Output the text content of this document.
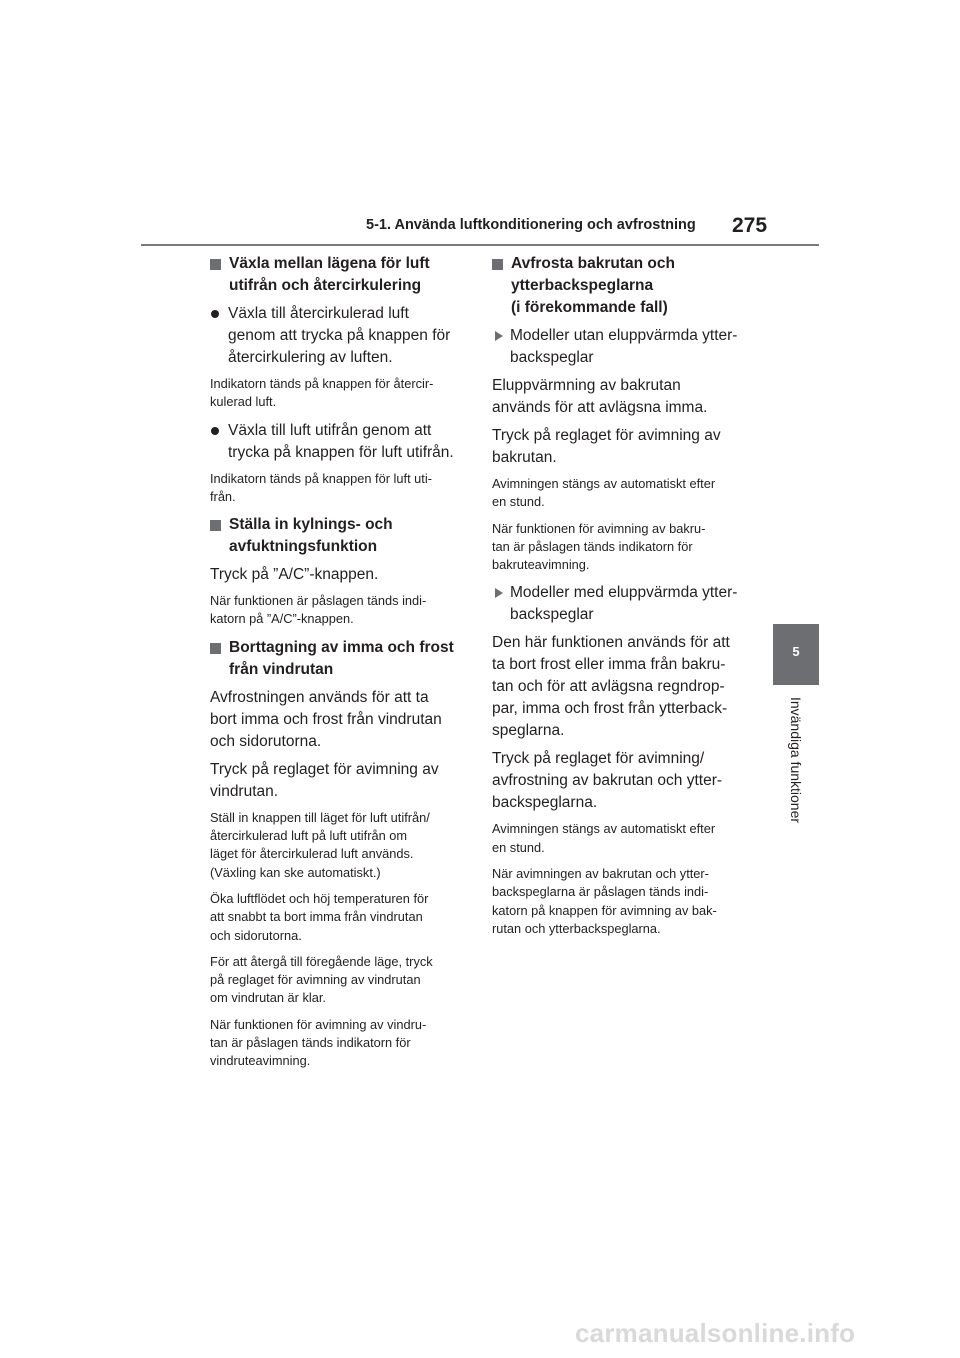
5-1. Använda luftkonditionering och avfrostning 275
5
Invändiga funktioner
Växla mellan lägena för luft
utifrån och återcirkulering
Växla till återcirkulerad luft
genom att trycka på knappen för
återcirkulering av luften.
Indikatorn tänds på knappen för återcir-
kulerad luft.
Växla till luft utifrån genom att
trycka på knappen för luft utifrån.
Indikatorn tänds på knappen för luft uti-
från.
Ställa in kylnings- och
avfuktningsfunktion
Tryck på ”A/C”-knappen.
När funktionen är påslagen tänds indi-
katorn på ”A/C”-knappen.
Borttagning av imma och frost
från vindrutan
Avfrostningen används för att ta
bort imma och frost från vindrutan
och sidorutorna.
Tryck på reglaget för avimning av
vindrutan.
Ställ in knappen till läget för luft utifrån/
återcirkulerad luft på luft utifrån om
läget för återcirkulerad luft används.
(Växling kan ske automatiskt.)
Öka luftflödet och höj temperaturen för
att snabbt ta bort imma från vindrutan
och sidorutorna.
För att återgå till föregående läge, tryck
på reglaget för avimning av vindrutan
om vindrutan är klar.
När funktionen för avimning av vindru-
tan är påslagen tänds indikatorn för
vindruteavimning.
Avfrosta bakrutan och
ytterbackspeglarna
(i förekommande fall)
Modeller utan eluppvärmda ytter-
backspeglar
Eluppvärmning av bakrutan
används för att avlägsna imma.
Tryck på reglaget för avimning av
bakrutan.
Avimningen stängs av automatiskt efter
en stund.
När funktionen för avimning av bakru-
tan är påslagen tänds indikatorn för
bakruteavimning.
Modeller med eluppvärmda ytter-
backspeglar
Den här funktionen används för att
ta bort frost eller imma från bakru-
tan och för att avlägsna regndrop-
par, imma och frost från ytterback-
speglarna.
Tryck på reglaget för avimning/
avfrostning av bakrutan och ytter-
backspeglarna.
Avimningen stängs av automatiskt efter
en stund.
När avimningen av bakrutan och ytter-
backspeglarna är påslagen tänds indi-
katorn på knappen för avimning av bak-
rutan och ytterbackspeglarna.
carmanualsonline.info
